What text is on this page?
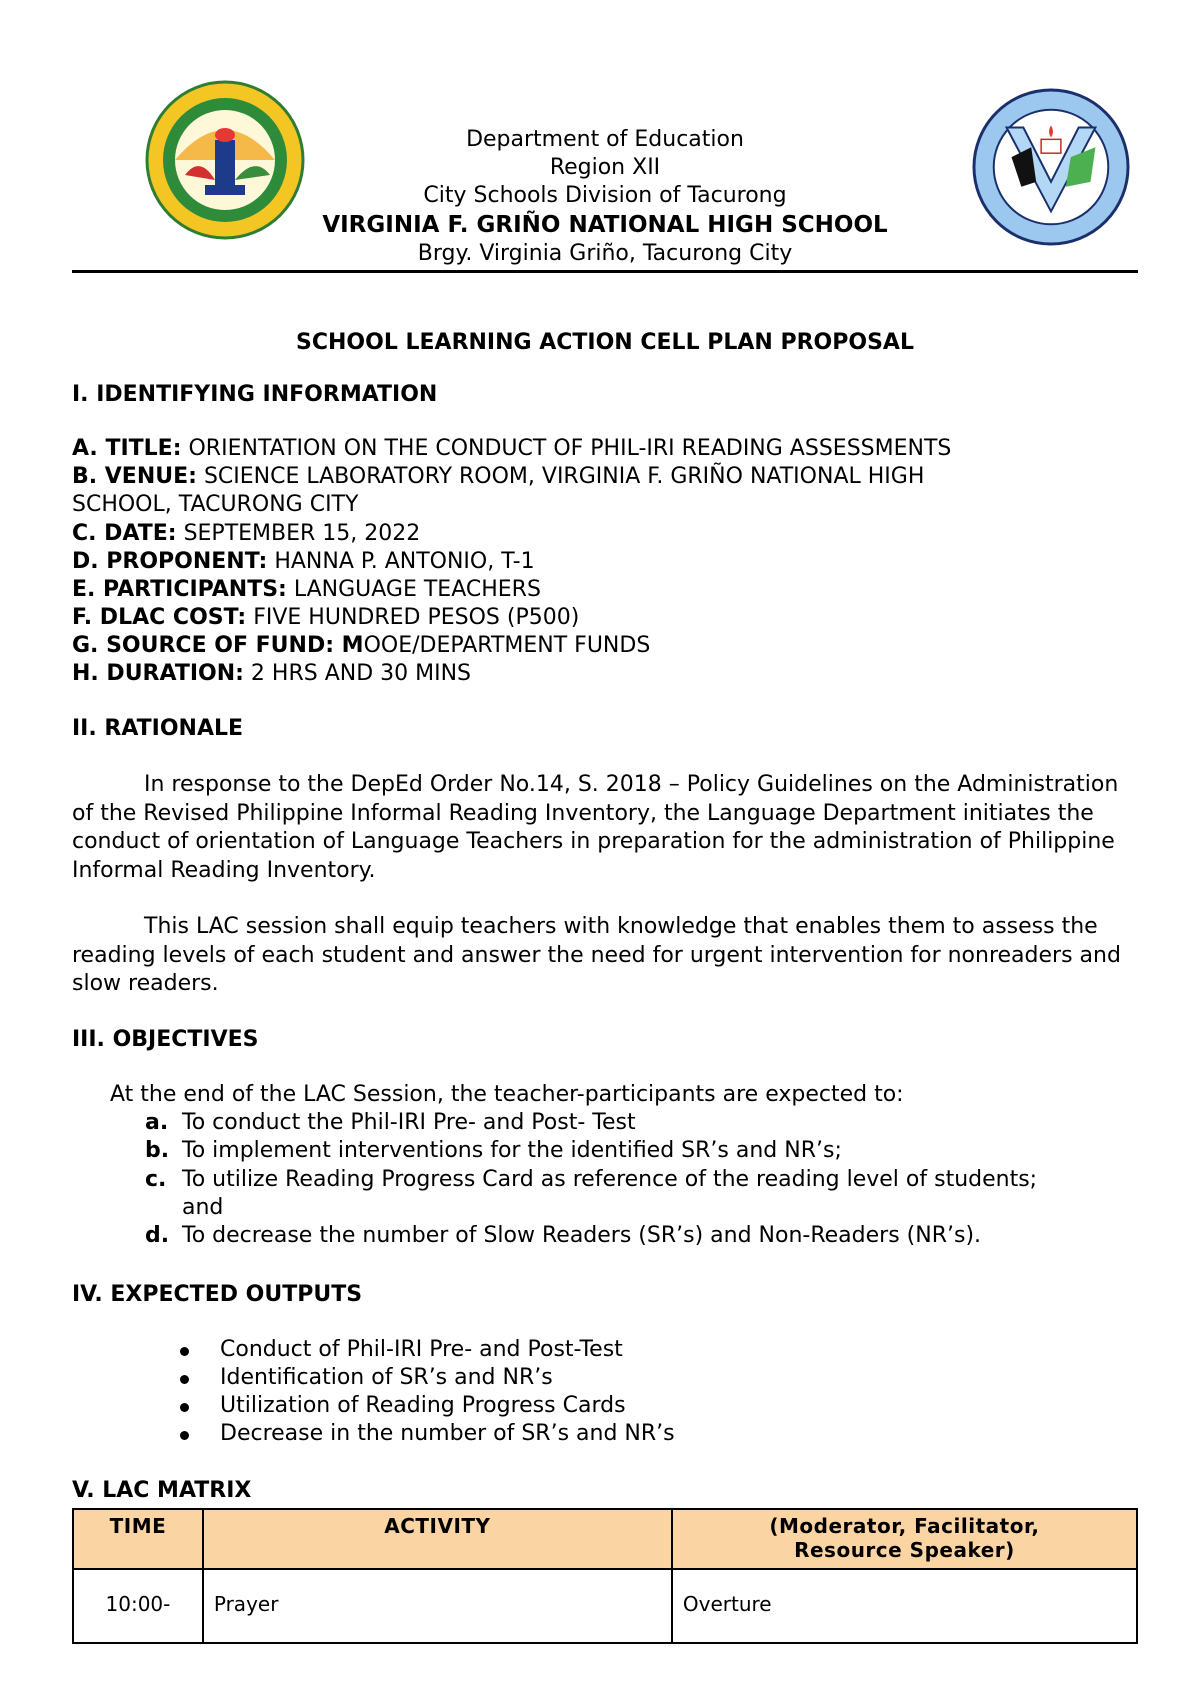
Department of Education
Region XII
City Schools Division of Tacurong
VIRGINIA F. GRIÑO NATIONAL HIGH SCHOOL
Brgy. Virginia Griño, Tacurong City
SCHOOL LEARNING ACTION CELL PLAN PROPOSAL
I. IDENTIFYING INFORMATION
A. TITLE: ORIENTATION ON THE CONDUCT OF PHIL-IRI READING ASSESSMENTS
B. VENUE: SCIENCE LABORATORY ROOM, VIRGINIA F. GRIÑO NATIONAL HIGH
SCHOOL, TACURONG CITY
C. DATE: SEPTEMBER 15, 2022
D. PROPONENT: HANNA P. ANTONIO, T-1
E. PARTICIPANTS: LANGUAGE TEACHERS
F. DLAC COST: FIVE HUNDRED PESOS (P500)
G. SOURCE OF FUND: MOOE/DEPARTMENT FUNDS
H. DURATION: 2 HRS AND 30 MINS
II. RATIONALE
In response to the DepEd Order No.14, S. 2018 – Policy Guidelines on the Administration of the Revised Philippine Informal Reading Inventory, the Language Department initiates the conduct of orientation of Language Teachers in preparation for the administration of Philippine Informal Reading Inventory.
This LAC session shall equip teachers with knowledge that enables them to assess the reading levels of each student and answer the need for urgent intervention for nonreaders and slow readers.
III. OBJECTIVES
At the end of the LAC Session, the teacher-participants are expected to:
a. To conduct the Phil-IRI Pre- and Post- Test
b. To implement interventions for the identified SR’s and NR’s;
c. To utilize Reading Progress Card as reference of the reading level of students;
and
d. To decrease the number of Slow Readers (SR’s) and Non-Readers (NR’s).
IV. EXPECTED OUTPUTS
Conduct of Phil-IRI Pre- and Post-Test
Identification of SR’s and NR’s
Utilization of Reading Progress Cards
Decrease in the number of SR’s and NR’s
V. LAC MATRIX
TIME	ACTIVITY	(Moderator, Facilitator,
Resource Speaker)
10:00-	Prayer	Overture
